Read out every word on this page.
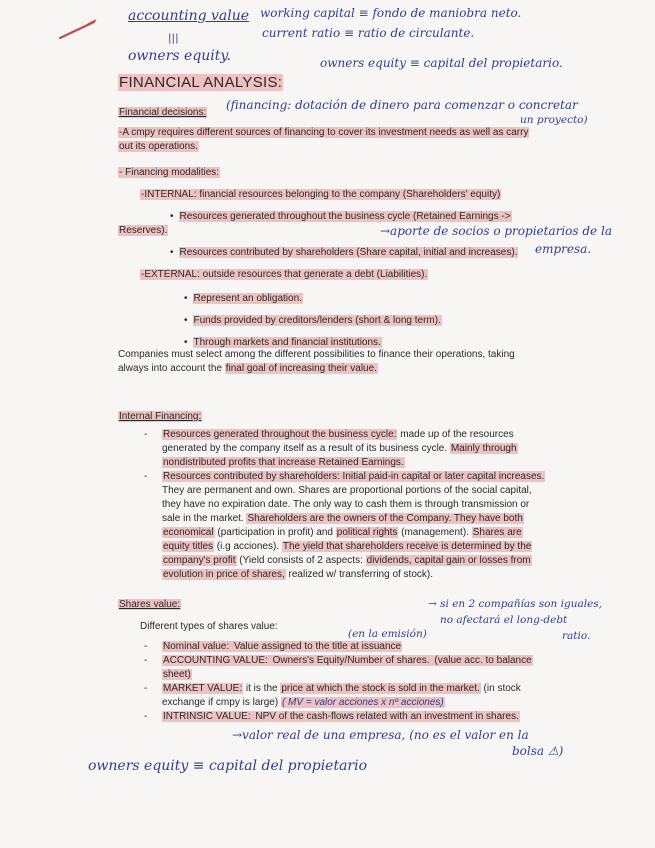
accounting value working capital ≡ fondo de maniobra neto.
|||	current ratio ≡ ratio de circulante.
owners equity.	owners equity ≡ capital del propietario.
FINANCIAL ANALYSIS:
Financial decisions:
(financing: dotación de dinero para comenzar o concretar
un proyecto)
-A cmpy requires different sources of financing to cover its investment needs as well as carry
out its operations.
- Financing modalities:
-INTERNAL: financial resources belonging to the company (Shareholders' equity)
• Resources generated throughout the business cycle (Retained Earnings ->
Reserves).	→aporte de socios o propietarios de la
• Resources contributed by shareholders (Share capital, initial and increases). empresa.
-EXTERNAL: outside resources that generate a debt (Liabilities).
• Represent an obligation.
• Funds provided by creditors/lenders (short & long term).
• Through markets and financial institutions.
Companies must select among the different possibilities to finance their operations, taking
always into account the final goal of increasing their value.
Internal Financing:
Resources generated throughout the business cycle: made up of the resources
generated by the company itself as a result of its business cycle. Mainly through
nondistributed profits that increase Retained Earnings.
Resources contributed by shareholders: Initial paid-in capital or later capital increases.
They are permanent and own. Shares are proportional portions of the social capital,
they have no expiration date. The only way to cash them is through transmission or
sale in the market. Shareholders are the owners of the Company. They have both
economical (participation in profit) and political rights (management). Shares are
equity titles (i.g acciones). The yield that shareholders receive is determined by the
company's profit (Yield consists of 2 aspects: dividends, capital gain or losses from
evolution in price of shares, realized w/ transferring of stock).
Shares value:
Different types of shares value:
(en la emisión)
→ si en 2 compañías son iguales,
no afectará el long-debt
ratio.
Nominal value: Value assigned to the title at issuance
ACCOUNTING VALUE: Owners's Equity/Number of shares. (value acc. to balance
sheet)
MARKET VALUE: it is the price at which the stock is sold in the market. (in stock
exchange if cmpy is large) ( MV = valor acciones x nº acciones)
INTRINSIC VALUE: NPV of the cash-flows related with an investment in shares.
→valor real de una empresa, (no es el valor en la
bolsa ⚠)
owners equity ≡ capital del propietario
